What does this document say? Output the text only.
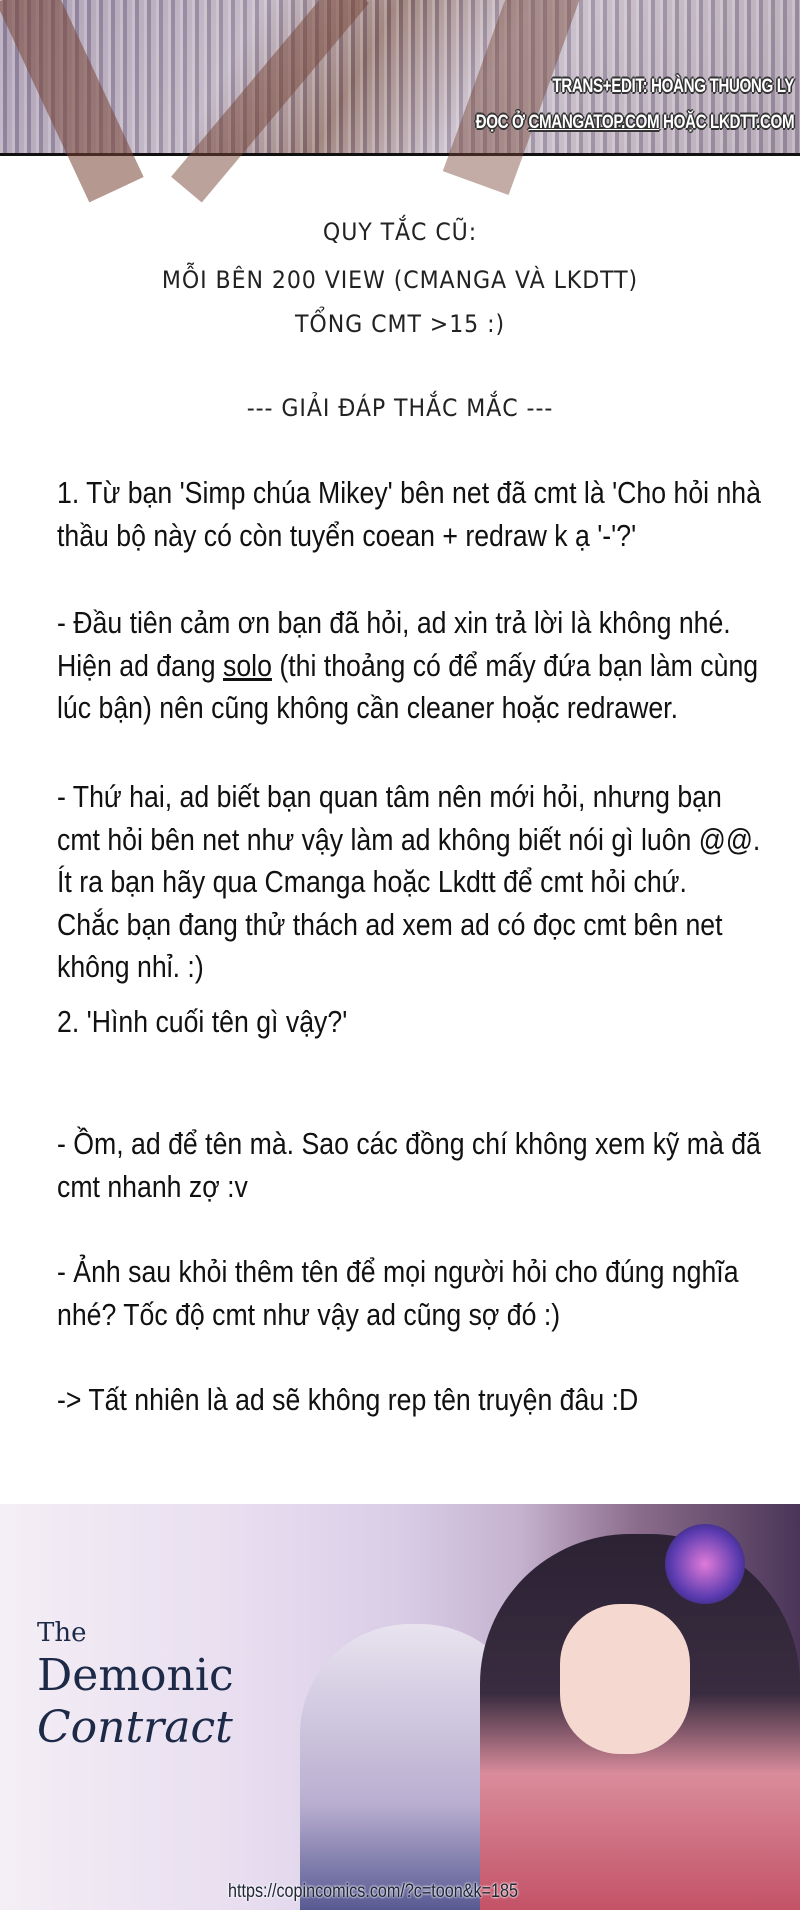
TRANS+EDIT: HOÀNG THUONG LY
ĐỌC Ở CMANGATOP.COM HOẶC LKDTT.COM
QUY TẮC CŨ:
MỖI BÊN 200 VIEW (CMANGA VÀ LKDTT)
TỔNG CMT >15 :)
--- GIẢI ĐÁP THẮC MẮC ---
1. Từ bạn 'Simp chúa Mikey' bên net đã cmt là 'Cho hỏi nhà
thầu bộ này có còn tuyển coean + redraw k ạ '-'?'
- Đầu tiên cảm ơn bạn đã hỏi, ad xin trả lời là không nhé.
Hiện ad đang solo (thi thoảng có để mấy đứa bạn làm cùng
lúc bận) nên cũng không cần cleaner hoặc redrawer.
- Thứ hai, ad biết bạn quan tâm nên mới hỏi, nhưng bạn
cmt hỏi bên net như vậy làm ad không biết nói gì luôn @@.
Ít ra bạn hãy qua Cmanga hoặc Lkdtt để cmt hỏi chứ.
Chắc bạn đang thử thách ad xem ad có đọc cmt bên net
không nhỉ. :)
2. 'Hình cuối tên gì vậy?'
- Ồm, ad để tên mà. Sao các đồng chí không xem kỹ mà đã
cmt nhanh zợ :v
- Ảnh sau khỏi thêm tên để mọi người hỏi cho đúng nghĩa
nhé? Tốc độ cmt như vậy ad cũng sợ đó :)
-> Tất nhiên là ad sẽ không rep tên truyện đâu :D
The
Demonic
Contract
https://copincomics.com/?c=toon&k=185
